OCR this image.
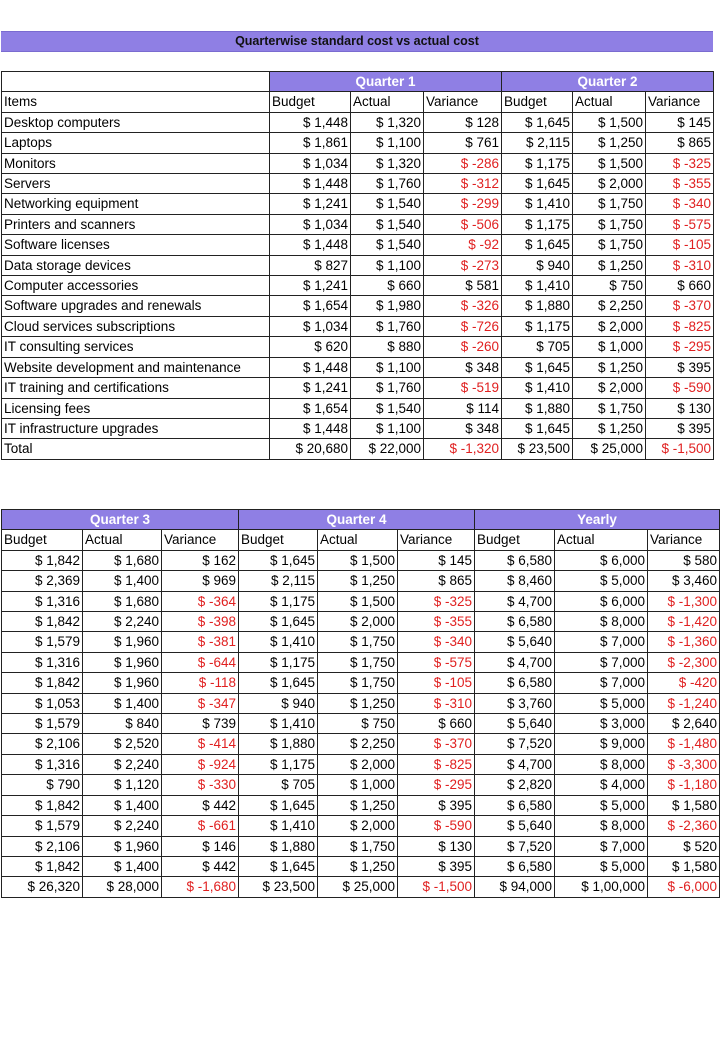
Quarterwise standard cost vs actual cost
	Quarter 1			Quarter 2		
Items	Budget	Actual	Variance	Budget	Actual	Variance
Desktop computers	$ 1,448	$ 1,320	$ 128	$ 1,645	$ 1,500	$ 145
Laptops	$ 1,861	$ 1,100	$ 761	$ 2,115	$ 1,250	$ 865
Monitors	$ 1,034	$ 1,320	$ -286	$ 1,175	$ 1,500	$ -325
Servers	$ 1,448	$ 1,760	$ -312	$ 1,645	$ 2,000	$ -355
Networking equipment	$ 1,241	$ 1,540	$ -299	$ 1,410	$ 1,750	$ -340
Printers and scanners	$ 1,034	$ 1,540	$ -506	$ 1,175	$ 1,750	$ -575
Software licenses	$ 1,448	$ 1,540	$ -92	$ 1,645	$ 1,750	$ -105
Data storage devices	$ 827	$ 1,100	$ -273	$ 940	$ 1,250	$ -310
Computer accessories	$ 1,241	$ 660	$ 581	$ 1,410	$ 750	$ 660
Software upgrades and renewals	$ 1,654	$ 1,980	$ -326	$ 1,880	$ 2,250	$ -370
Cloud services subscriptions	$ 1,034	$ 1,760	$ -726	$ 1,175	$ 2,000	$ -825
IT consulting services	$ 620	$ 880	$ -260	$ 705	$ 1,000	$ -295
Website development and maintenance	$ 1,448	$ 1,100	$ 348	$ 1,645	$ 1,250	$ 395
IT training and certifications	$ 1,241	$ 1,760	$ -519	$ 1,410	$ 2,000	$ -590
Licensing fees	$ 1,654	$ 1,540	$ 114	$ 1,880	$ 1,750	$ 130
IT infrastructure upgrades	$ 1,448	$ 1,100	$ 348	$ 1,645	$ 1,250	$ 395
Total	$ 20,680	$ 22,000	$ -1,320	$ 23,500	$ 25,000	$ -1,500
Quarter 3			Quarter 4			Yearly		
Budget	Actual	Variance	Budget	Actual	Variance	Budget	Actual	Variance
$ 1,842	$ 1,680	$ 162	$ 1,645	$ 1,500	$ 145	$ 6,580	$ 6,000	$ 580
$ 2,369	$ 1,400	$ 969	$ 2,115	$ 1,250	$ 865	$ 8,460	$ 5,000	$ 3,460
$ 1,316	$ 1,680	$ -364	$ 1,175	$ 1,500	$ -325	$ 4,700	$ 6,000	$ -1,300
$ 1,842	$ 2,240	$ -398	$ 1,645	$ 2,000	$ -355	$ 6,580	$ 8,000	$ -1,420
$ 1,579	$ 1,960	$ -381	$ 1,410	$ 1,750	$ -340	$ 5,640	$ 7,000	$ -1,360
$ 1,316	$ 1,960	$ -644	$ 1,175	$ 1,750	$ -575	$ 4,700	$ 7,000	$ -2,300
$ 1,842	$ 1,960	$ -118	$ 1,645	$ 1,750	$ -105	$ 6,580	$ 7,000	$ -420
$ 1,053	$ 1,400	$ -347	$ 940	$ 1,250	$ -310	$ 3,760	$ 5,000	$ -1,240
$ 1,579	$ 840	$ 739	$ 1,410	$ 750	$ 660	$ 5,640	$ 3,000	$ 2,640
$ 2,106	$ 2,520	$ -414	$ 1,880	$ 2,250	$ -370	$ 7,520	$ 9,000	$ -1,480
$ 1,316	$ 2,240	$ -924	$ 1,175	$ 2,000	$ -825	$ 4,700	$ 8,000	$ -3,300
$ 790	$ 1,120	$ -330	$ 705	$ 1,000	$ -295	$ 2,820	$ 4,000	$ -1,180
$ 1,842	$ 1,400	$ 442	$ 1,645	$ 1,250	$ 395	$ 6,580	$ 5,000	$ 1,580
$ 1,579	$ 2,240	$ -661	$ 1,410	$ 2,000	$ -590	$ 5,640	$ 8,000	$ -2,360
$ 2,106	$ 1,960	$ 146	$ 1,880	$ 1,750	$ 130	$ 7,520	$ 7,000	$ 520
$ 1,842	$ 1,400	$ 442	$ 1,645	$ 1,250	$ 395	$ 6,580	$ 5,000	$ 1,580
$ 26,320	$ 28,000	$ -1,680	$ 23,500	$ 25,000	$ -1,500	$ 94,000	$ 1,00,000	$ -6,000
